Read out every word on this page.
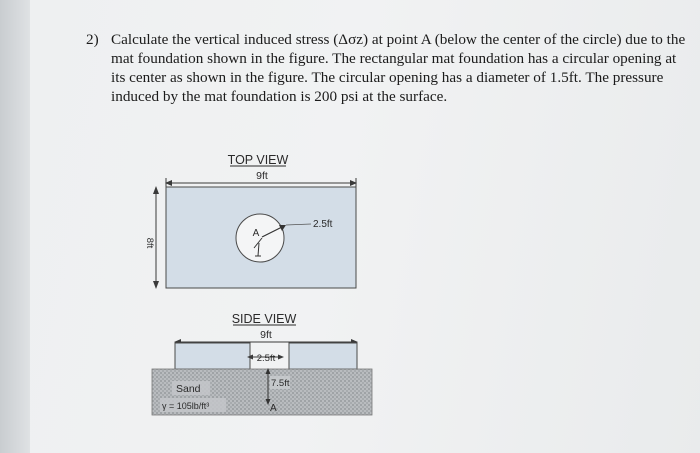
2) Calculate the vertical induced stress (Δσz) at point A (below the center of the circle) due to the
mat foundation shown in the figure. The rectangular mat foundation has a circular opening at
its center as shown in the figure. The circular opening has a diameter of 1.5ft. The pressure
induced by the mat foundation is 200 psi at the surface.
TOP VIEW
9ft
8ft
2.5ft
A
SIDE VIEW
9ft
2.5ft
Sand
γ = 105lb/ft³
7.5ft
A
